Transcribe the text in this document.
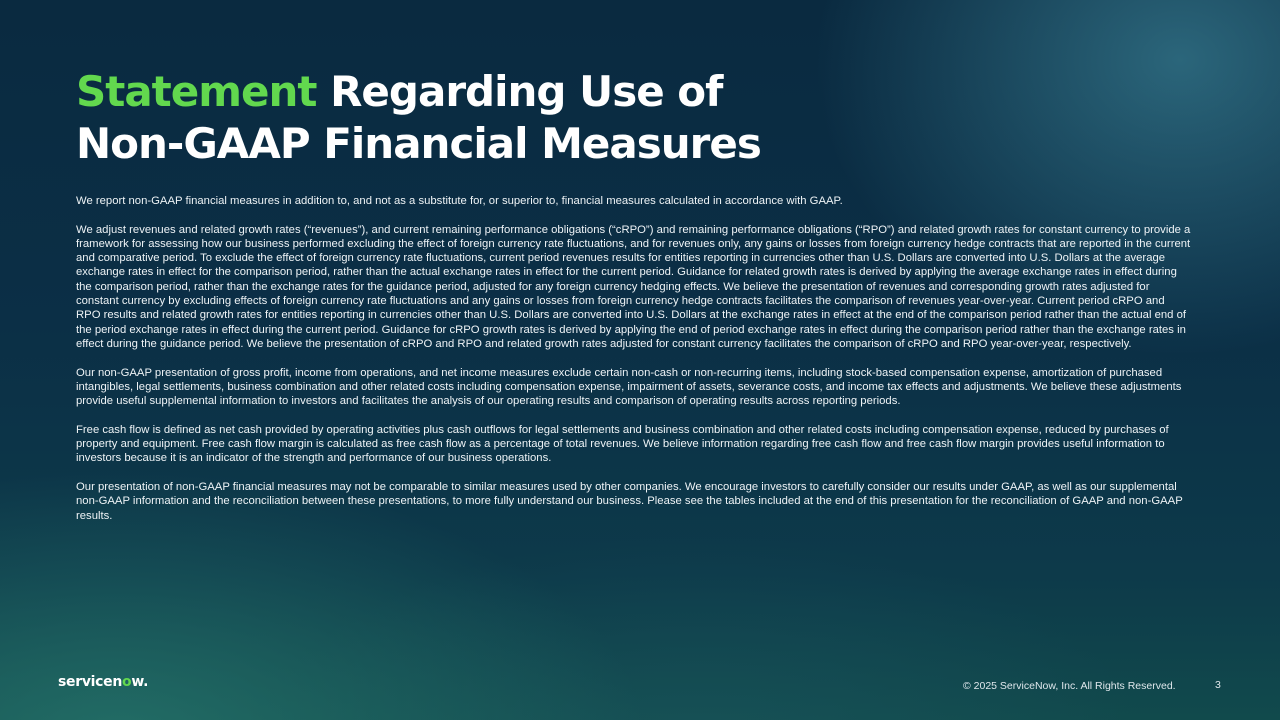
Statement Regarding Use of
Non-GAAP Financial Measures

We report non-GAAP financial measures in addition to, and not as a substitute for, or superior to, financial measures calculated in accordance with GAAP.

We adjust revenues and related growth rates (“revenues”), and current remaining performance obligations (“cRPO”) and remaining performance obligations (“RPO”) and related growth rates for constant currency to provide a framework for assessing how our business performed excluding the effect of foreign currency rate fluctuations, and for revenues only, any gains or losses from foreign currency hedge contracts that are reported in the current and comparative period. To exclude the effect of foreign currency rate fluctuations, current period revenues results for entities reporting in currencies other than U.S. Dollars are converted into U.S. Dollars at the average exchange rates in effect for the comparison period, rather than the actual exchange rates in effect for the current period. Guidance for related growth rates is derived by applying the average exchange rates in effect during the comparison period, rather than the exchange rates for the guidance period, adjusted for any foreign currency hedging effects. We believe the presentation of revenues and corresponding growth rates adjusted for constant currency by excluding effects of foreign currency rate fluctuations and any gains or losses from foreign currency hedge contracts facilitates the comparison of revenues year-over-year. Current period cRPO and RPO results and related growth rates for entities reporting in currencies other than U.S. Dollars are converted into U.S. Dollars at the exchange rates in effect at the end of the comparison period rather than the actual end of the period exchange rates in effect during the current period. Guidance for cRPO growth rates is derived by applying the end of period exchange rates in effect during the comparison period rather than the exchange rates in effect during the guidance period. We believe the presentation of cRPO and RPO and related growth rates adjusted for constant currency facilitates the comparison of cRPO and RPO year-over-year, respectively.

Our non-GAAP presentation of gross profit, income from operations, and net income measures exclude certain non-cash or non-recurring items, including stock-based compensation expense, amortization of purchased intangibles, legal settlements, business combination and other related costs including compensation expense, impairment of assets, severance costs, and income tax effects and adjustments. We believe these adjustments provide useful supplemental information to investors and facilitates the analysis of our operating results and comparison of operating results across reporting periods.

Free cash flow is defined as net cash provided by operating activities plus cash outflows for legal settlements and business combination and other related costs including compensation expense, reduced by purchases of property and equipment. Free cash flow margin is calculated as free cash flow as a percentage of total revenues. We believe information regarding free cash flow and free cash flow margin provides useful information to investors because it is an indicator of the strength and performance of our business operations.

Our presentation of non-GAAP financial measures may not be comparable to similar measures used by other companies. We encourage investors to carefully consider our results under GAAP, as well as our supplemental non-GAAP information and the reconciliation between these presentations, to more fully understand our business. Please see the tables included at the end of this presentation for the reconciliation of GAAP and non-GAAP results.

servicenow.	© 2025 ServiceNow, Inc. All Rights Reserved.	3
